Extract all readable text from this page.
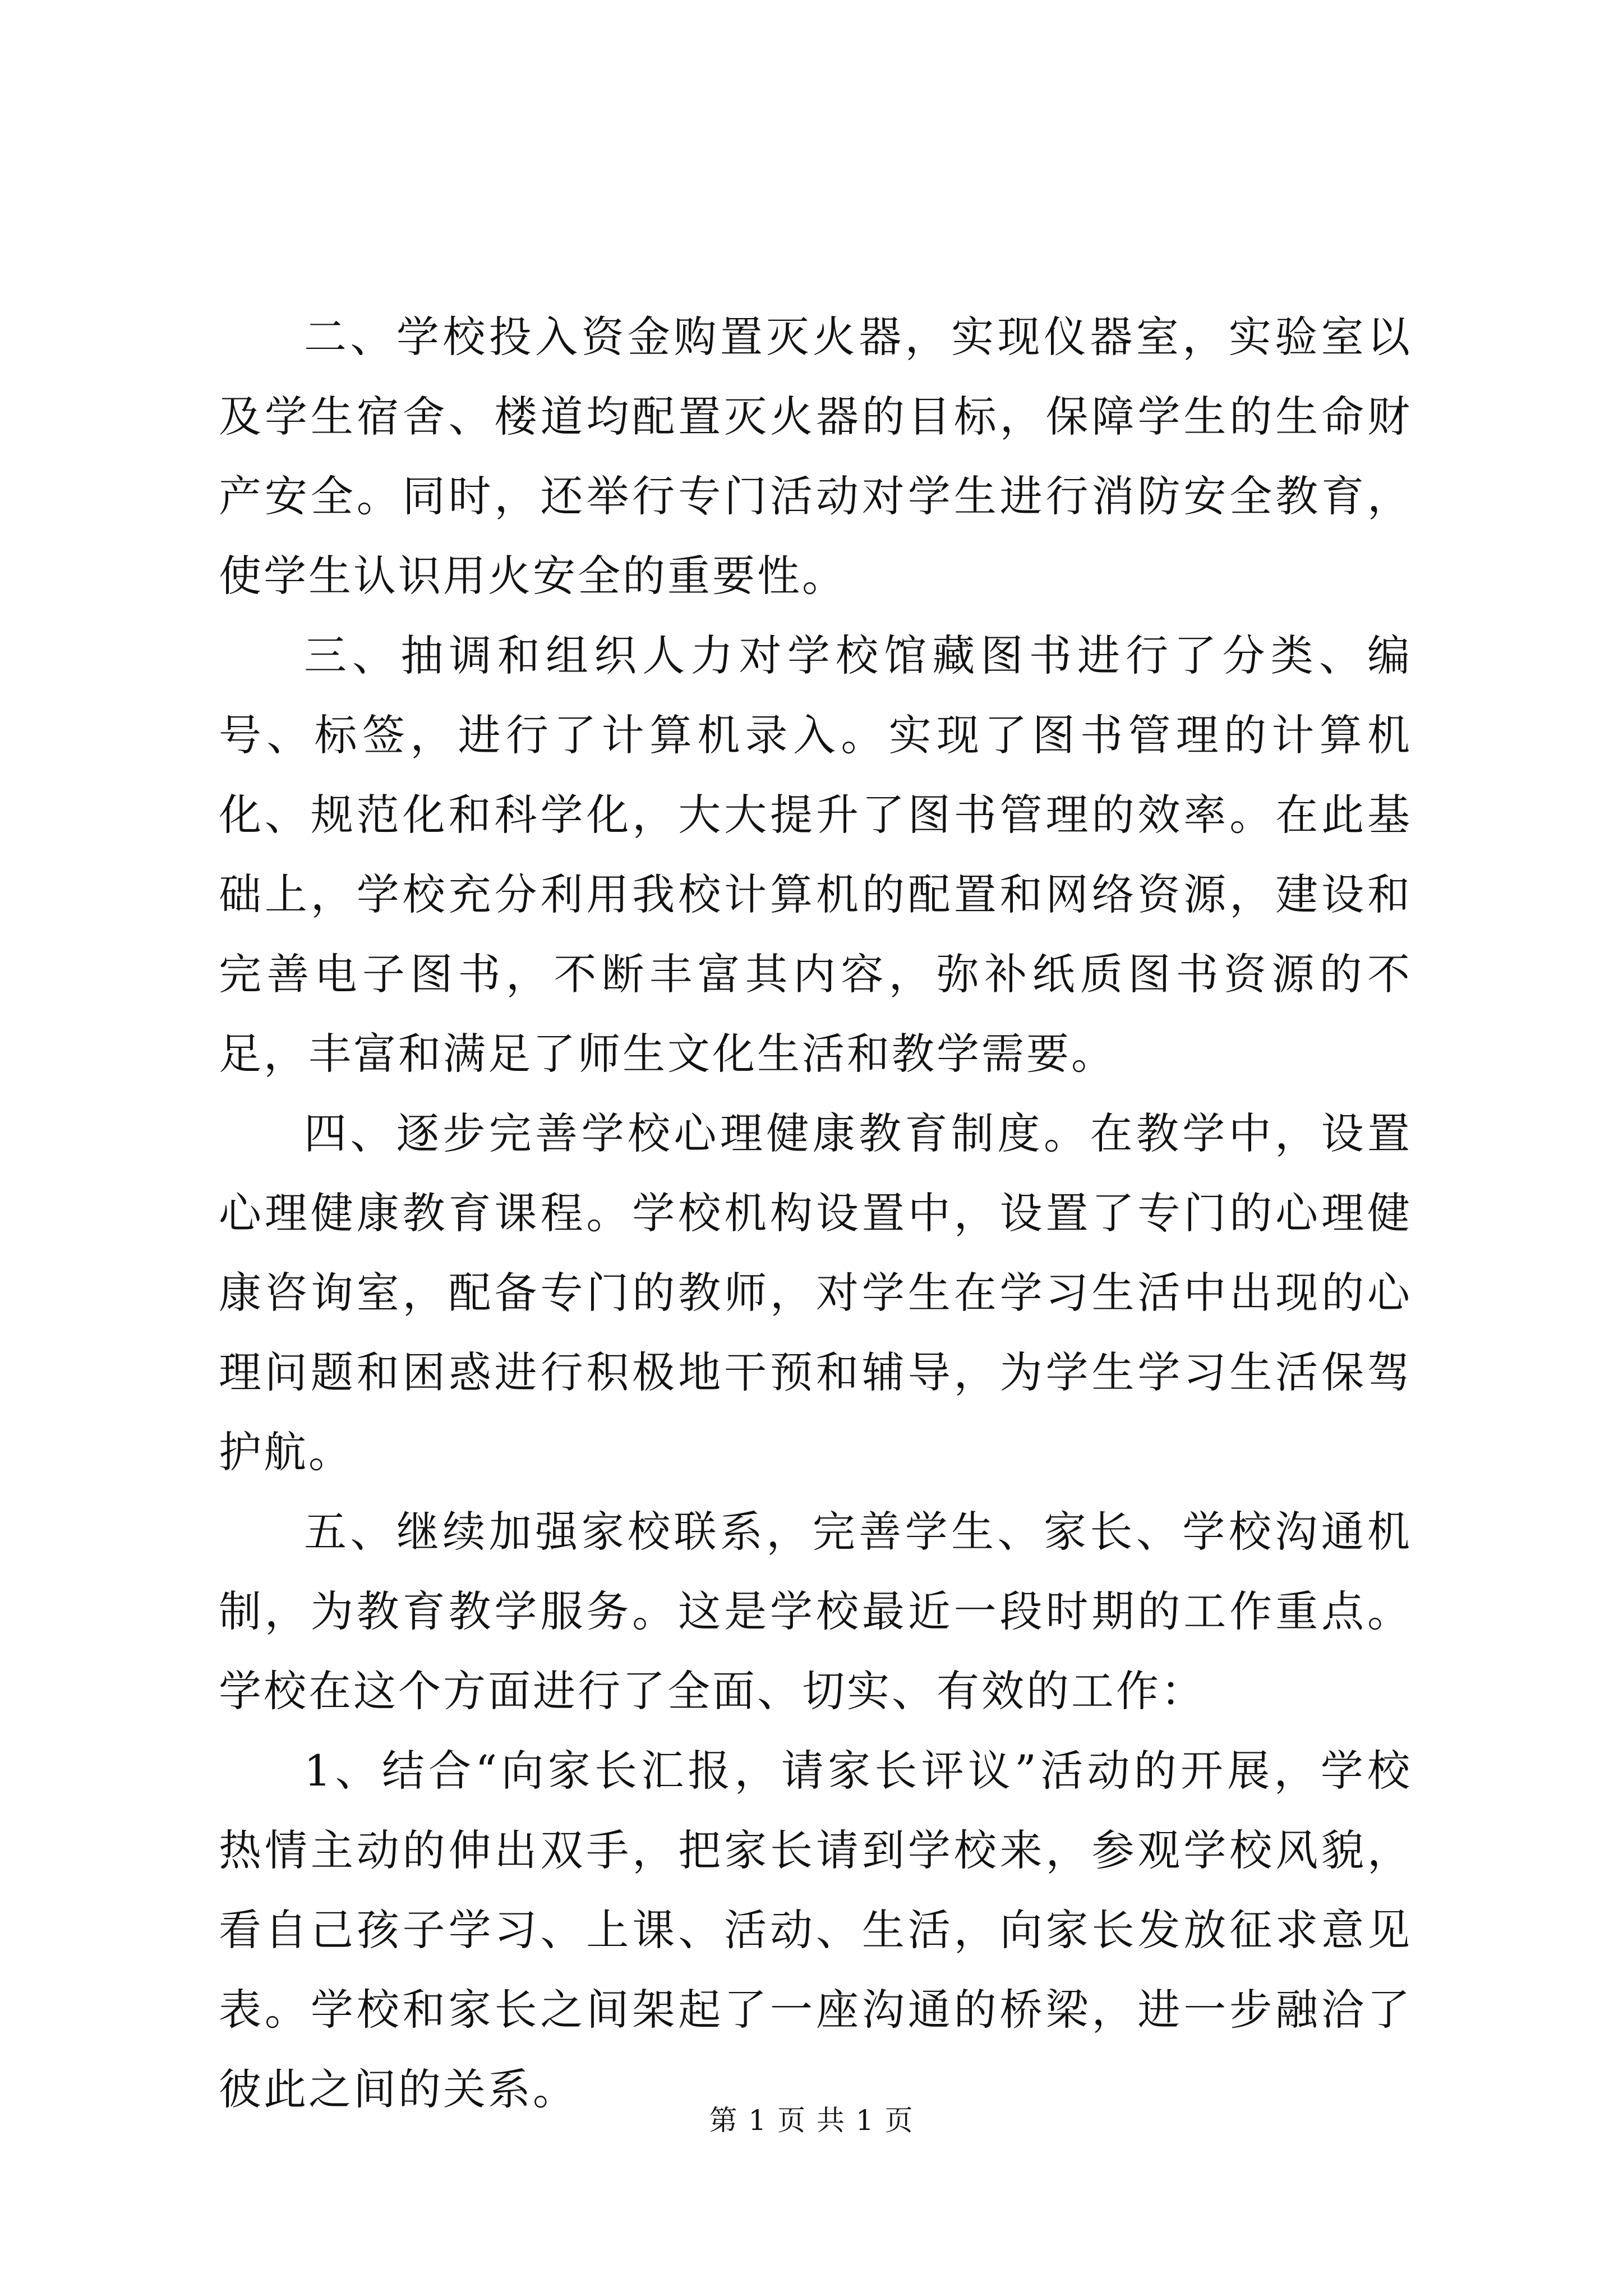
二、学校投入资金购置灭火器，实现仪器室，实验室以及学生宿舍、楼道均配置灭火器的目标，保障学生的生命财产安全。同时，还举行专门活动对学生进行消防安全教育，使学生认识用火安全的重要性。

三、抽调和组织人力对学校馆藏图书进行了分类、编号、标签，进行了计算机录入。实现了图书管理的计算机化、规范化和科学化，大大提升了图书管理的效率。在此基础上，学校充分利用我校计算机的配置和网络资源，建设和完善电子图书，不断丰富其内容，弥补纸质图书资源的不足，丰富和满足了师生文化生活和教学需要。

四、逐步完善学校心理健康教育制度。在教学中，设置心理健康教育课程。学校机构设置中，设置了专门的心理健康咨询室，配备专门的教师，对学生在学习生活中出现的心理问题和困惑进行积极地干预和辅导，为学生学习生活保驾护航。

五、继续加强家校联系，完善学生、家长、学校沟通机制，为教育教学服务。这是学校最近一段时期的工作重点。学校在这个方面进行了全面、切实、有效的工作：

1、结合“向家长汇报，请家长评议”活动的开展，学校热情主动的伸出双手，把家长请到学校来，参观学校风貌，看自己孩子学习、上课、活动、生活，向家长发放征求意见表。学校和家长之间架起了一座沟通的桥梁，进一步融洽了彼此之间的关系。

第 1 页 共 1 页
